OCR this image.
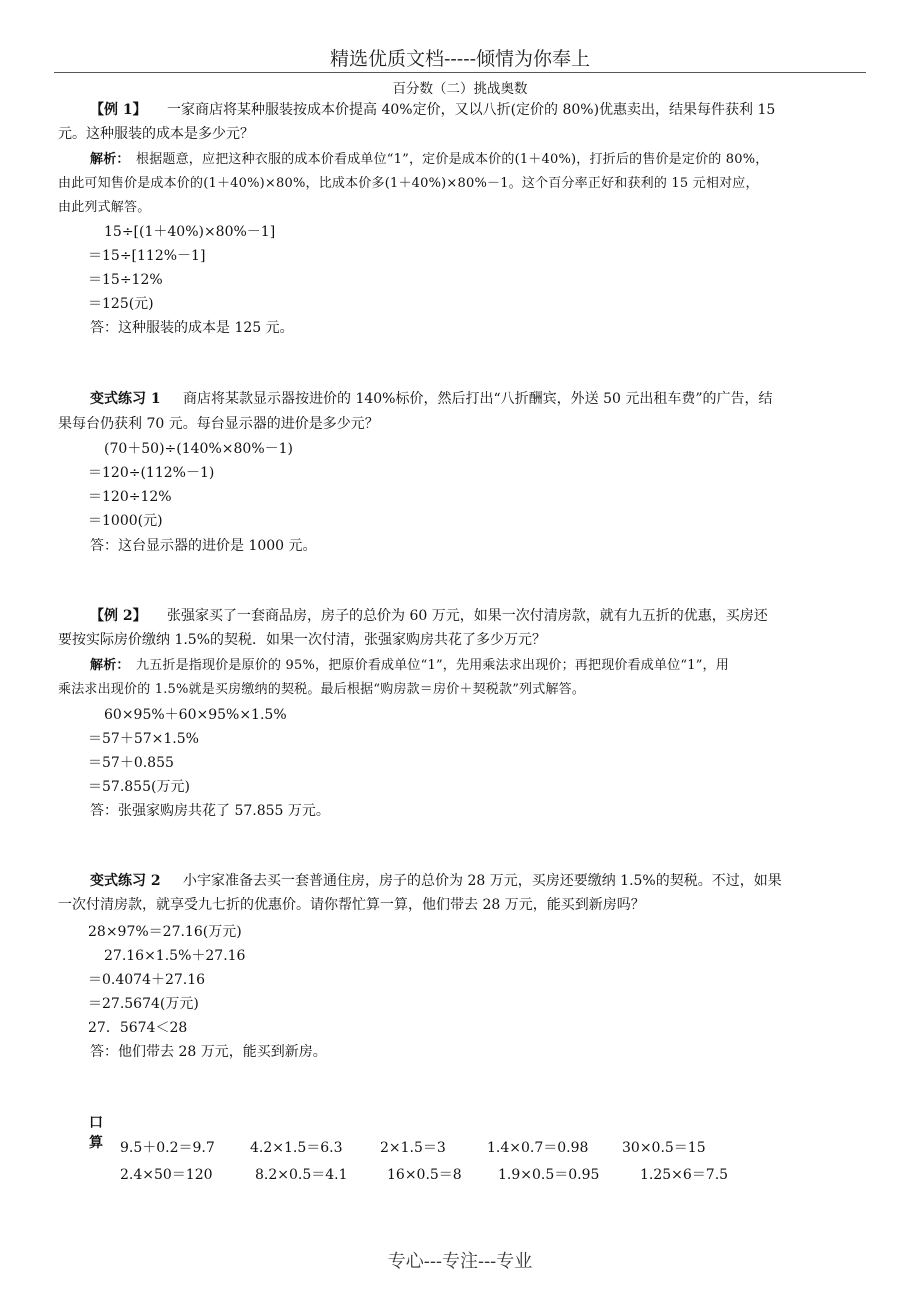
精选优质文档-----倾情为你奉上
百分数（二）挑战奥数
【例 1】 一家商店将某种服装按成本价提高 40%定价，又以八折(定价的 80%)优惠卖出，结果每件获利 15
元。这种服装的成本是多少元？
解析： 根据题意，应把这种衣服的成本价看成单位“1”，定价是成本价的(1＋40%)，打折后的售价是定价的 80%，
由此可知售价是成本价的(1＋40%)×80%，比成本价多(1＋40%)×80%－1。这个百分率正好和获利的 15 元相对应，
由此列式解答。
15÷[(1＋40%)×80%－1]
＝15÷[112%－1]
＝15÷12%
＝125(元)
答：这种服装的成本是 125 元。
变式练习 1 商店将某款显示器按进价的 140%标价，然后打出“八折酬宾，外送 50 元出租车费”的广告，结
果每台仍获利 70 元。每台显示器的进价是多少元？
(70＋50)÷(140%×80%－1)
＝120÷(112%－1)
＝120÷12%
＝1000(元)
答：这台显示器的进价是 1000 元。
【例 2】 张强家买了一套商品房，房子的总价为 60 万元，如果一次付清房款，就有九五折的优惠，买房还
要按实际房价缴纳 1.5%的契税．如果一次付清，张强家购房共花了多少万元？
解析： 九五折是指现价是原价的 95%，把原价看成单位“1”，先用乘法求出现价；再把现价看成单位“1”，用
乘法求出现价的 1.5%就是买房缴纳的契税。最后根据“购房款＝房价＋契税款”列式解答。
60×95%＋60×95%×1.5%
＝57＋57×1.5%
＝57＋0.855
＝57.855(万元)
答：张强家购房共花了 57.855 万元。
变式练习 2 小宇家准备去买一套普通住房，房子的总价为 28 万元，买房还要缴纳 1.5%的契税。不过，如果
一次付清房款，就享受九七折的优惠价。请你帮忙算一算，他们带去 28 万元，能买到新房吗？
28×97%＝27.16(万元)
27.16×1.5%＋27.16
＝0.4074＋27.16
＝27.5674(万元)
27．5674＜28
答：他们带去 28 万元，能买到新房。
口算 9.5＋0.2＝9.7	4.2×1.5＝6.3	2×1.5＝3	1.4×0.7＝0.98 30×0.5＝15
2.4×50＝120	8.2×0.5＝4.1	16×0.5＝8	1.9×0.5＝0.95	1.25×6＝7.5
专心---专注---专业
